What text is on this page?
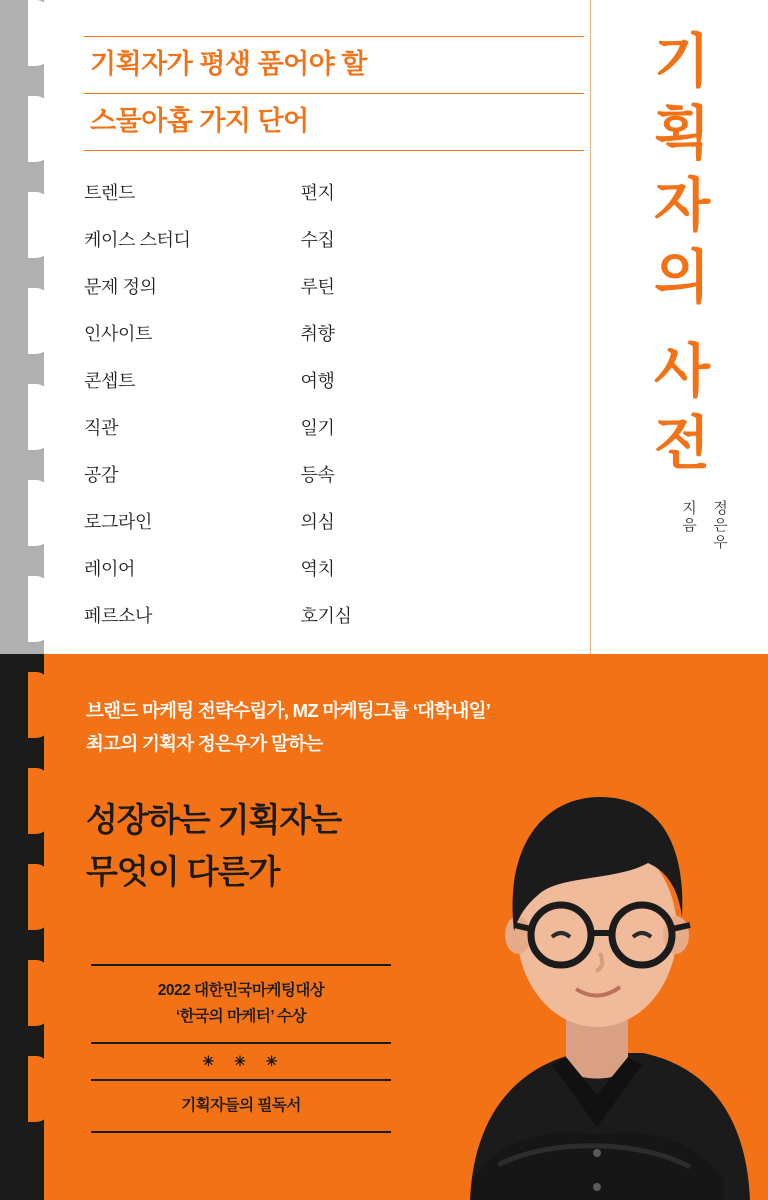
기획자가 평생 품어야 할
스물아홉 가지 단어
트렌드
케이스 스터디
문제 정의
인사이트
콘셉트
직관
공감
로그라인
레이어
페르소나
편지
수집
루틴
취향
여행
일기
등속
의심
역치
호기심
기획자의
사전
정은우
지음
브랜드 마케팅 전략수립가, MZ 마케팅그룹 ‘대학내일’
최고의 기획자 정은우가 말하는
성장하는 기획자는
무엇이 다른가
2022 대한민국마케팅대상
‘한국의 마케터’ 수상
✳ ✳ ✳
기획자들의 필독서
